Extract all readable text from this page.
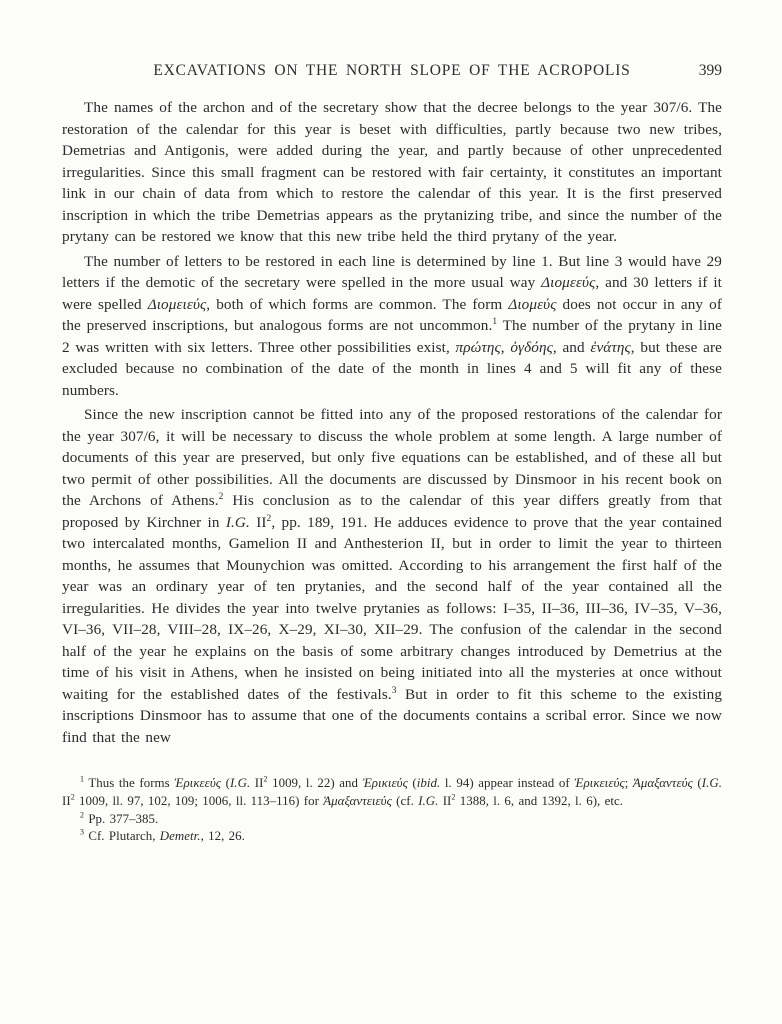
EXCAVATIONS ON THE NORTH SLOPE OF THE ACROPOLIS	399

The names of the archon and of the secretary show that the decree belongs to the year 307/6. The restoration of the calendar for this year is beset with difficulties, partly because two new tribes, Demetrias and Antigonis, were added during the year, and partly because of other unprecedented irregularities. Since this small fragment can be restored with fair certainty, it constitutes an important link in our chain of data from which to restore the calendar of this year. It is the first preserved inscription in which the tribe Demetrias appears as the prytanizing tribe, and since the number of the prytany can be restored we know that this new tribe held the third prytany of the year.

The number of letters to be restored in each line is determined by line 1. But line 3 would have 29 letters if the demotic of the secretary were spelled in the more usual way Διομεεύς, and 30 letters if it were spelled Διομειεύς, both of which forms are common. The form Διομεύς does not occur in any of the preserved inscriptions, but analogous forms are not uncommon.$^1$ The number of the prytany in line 2 was written with six letters. Three other possibilities exist, πρώτης, ὀγδόης, and ἐνάτης, but these are excluded because no combination of the date of the month in lines 4 and 5 will fit any of these numbers.

Since the new inscription cannot be fitted into any of the proposed restorations of the calendar for the year 307/6, it will be necessary to discuss the whole problem at some length. A large number of documents of this year are preserved, but only five equations can be established, and of these all but two permit of other possibilities. All the documents are discussed by Dinsmoor in his recent book on the Archons of Athens.$^2$ His conclusion as to the calendar of this year differs greatly from that proposed by Kirchner in I.G. $II^2$, pp. 189, 191. He adduces evidence to prove that the year contained two intercalated months, Gamelion II and Anthesterion II, but in order to limit the year to thirteen months, he assumes that Mounychion was omitted. According to his arrangement the first half of the year was an ordinary year of ten prytanies, and the second half of the year contained all the irregularities. He divides the year into twelve prytanies as follows: I–35, II–36, III–36, IV–35, V–36, VI–36, VII–28, VIII–28, IX–26, X–29, XI–30, XII–29. The confusion of the calendar in the second half of the year he explains on the basis of some arbitrary changes introduced by Demetrius at the time of his visit in Athens, when he insisted on being initiated into all the mysteries at once without waiting for the established dates of the festivals.$^3$ But in order to fit this scheme to the existing inscriptions Dinsmoor has to assume that one of the documents contains a scribal error. Since we now find that the new

$^1$ Thus the forms Ἐρικεεύς (I.G. $II^2$ 1009, l. 22) and Ἐρικιεύς (ibid. l. 94) appear instead of Ἐρικειεύς; Ἁμαξαντεύς (I.G. $II^2$ 1009, ll. 97, 102, 109; 1006, ll. 113–116) for Ἁμαξαντειεύς (cf. I.G. $II^2$ 1388, l. 6, and 1392, l. 6), etc.

$^2$ Pp. 377–385.

$^3$ Cf. Plutarch, Demetr., 12, 26.
